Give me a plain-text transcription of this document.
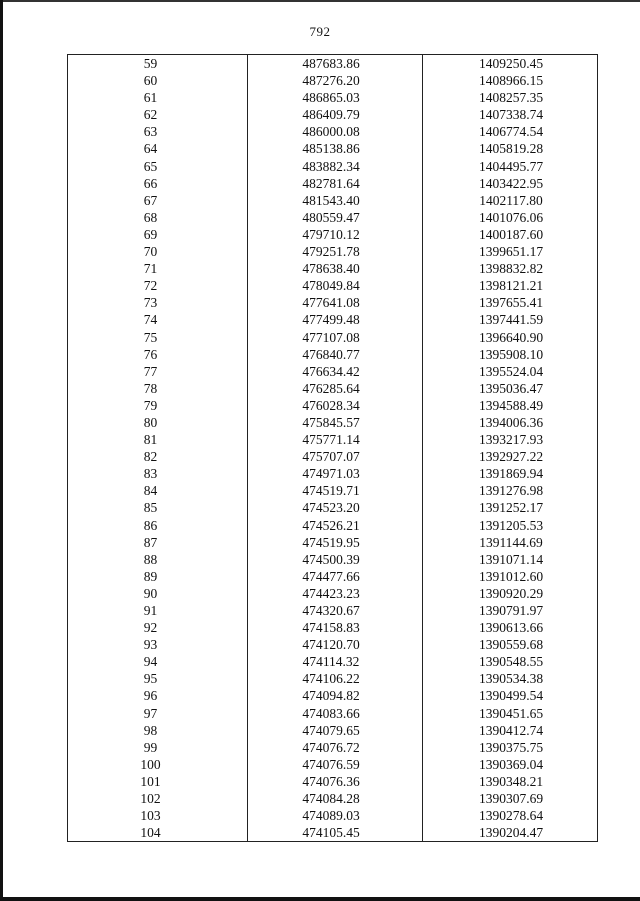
792
59	487683.86	1409250.45
60	487276.20	1408966.15
61	486865.03	1408257.35
62	486409.79	1407338.74
63	486000.08	1406774.54
64	485138.86	1405819.28
65	483882.34	1404495.77
66	482781.64	1403422.95
67	481543.40	1402117.80
68	480559.47	1401076.06
69	479710.12	1400187.60
70	479251.78	1399651.17
71	478638.40	1398832.82
72	478049.84	1398121.21
73	477641.08	1397655.41
74	477499.48	1397441.59
75	477107.08	1396640.90
76	476840.77	1395908.10
77	476634.42	1395524.04
78	476285.64	1395036.47
79	476028.34	1394588.49
80	475845.57	1394006.36
81	475771.14	1393217.93
82	475707.07	1392927.22
83	474971.03	1391869.94
84	474519.71	1391276.98
85	474523.20	1391252.17
86	474526.21	1391205.53
87	474519.95	1391144.69
88	474500.39	1391071.14
89	474477.66	1391012.60
90	474423.23	1390920.29
91	474320.67	1390791.97
92	474158.83	1390613.66
93	474120.70	1390559.68
94	474114.32	1390548.55
95	474106.22	1390534.38
96	474094.82	1390499.54
97	474083.66	1390451.65
98	474079.65	1390412.74
99	474076.72	1390375.75
100	474076.59	1390369.04
101	474076.36	1390348.21
102	474084.28	1390307.69
103	474089.03	1390278.64
104	474105.45	1390204.47
